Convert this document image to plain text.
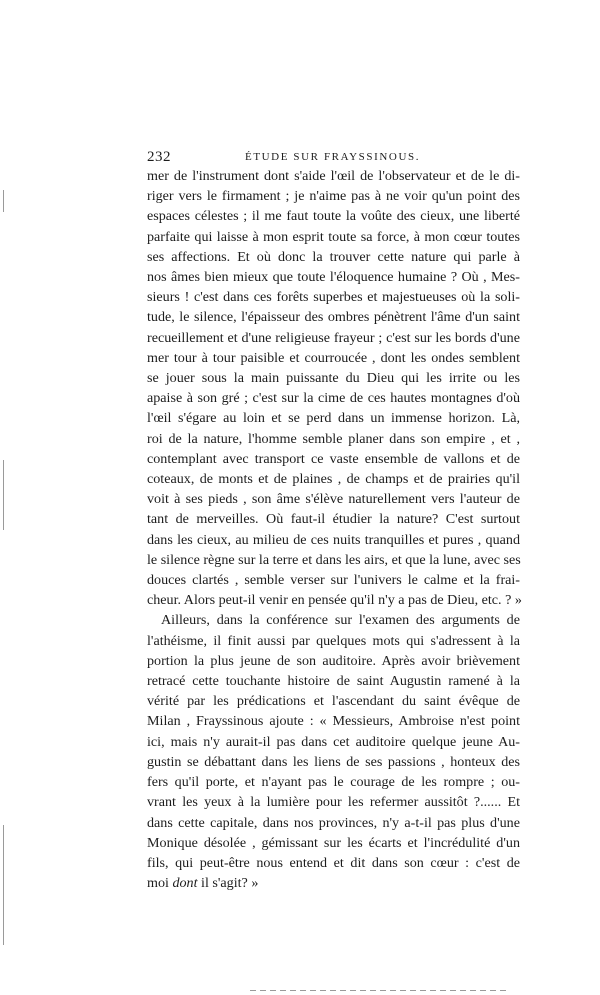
232	ÉTUDE SUR FRAYSSINOUS.
mer de l'instrument dont s'aide l'œil de l'observateur et de le di-
riger vers le firmament ; je n'aime pas à ne voir qu'un point des
espaces célestes ; il me faut toute la voûte des cieux, une liberté
parfaite qui laisse à mon esprit toute sa force, à mon cœur toutes
ses affections. Et où donc la trouver cette nature qui parle à
nos âmes bien mieux que toute l'éloquence humaine ? Où , Mes-
sieurs ! c'est dans ces forêts superbes et majestueuses où la soli-
tude, le silence, l'épaisseur des ombres pénètrent l'âme d'un saint
recueillement et d'une religieuse frayeur ; c'est sur les bords d'une
mer tour à tour paisible et courroucée , dont les ondes semblent
se jouer sous la main puissante du Dieu qui les irrite ou les
apaise à son gré ; c'est sur la cime de ces hautes montagnes d'où
l'œil s'égare au loin et se perd dans un immense horizon. Là,
roi de la nature, l'homme semble planer dans son empire , et ,
contemplant avec transport ce vaste ensemble de vallons et de
coteaux, de monts et de plaines , de champs et de prairies qu'il
voit à ses pieds , son âme s'élève naturellement vers l'auteur de
tant de merveilles. Où faut-il étudier la nature? C'est surtout
dans les cieux, au milieu de ces nuits tranquilles et pures , quand
le silence règne sur la terre et dans les airs, et que la lune, avec ses
douces clartés , semble verser sur l'univers le calme et la frai-
cheur. Alors peut-il venir en pensée qu'il n'y a pas de Dieu, etc. ? »
Ailleurs, dans la conférence sur l'examen des arguments de
l'athéisme, il finit aussi par quelques mots qui s'adressent à la
portion la plus jeune de son auditoire. Après avoir brièvement
retracé cette touchante histoire de saint Augustin ramené à la
vérité par les prédications et l'ascendant du saint évêque de
Milan , Frayssinous ajoute : « Messieurs, Ambroise n'est point
ici, mais n'y aurait-il pas dans cet auditoire quelque jeune Au-
gustin se débattant dans les liens de ses passions , honteux des
fers qu'il porte, et n'ayant pas le courage de les rompre ; ou-
vrant les yeux à la lumière pour les refermer aussitôt ?...... Et
dans cette capitale, dans nos provinces, n'y a-t-il pas plus d'une
Monique désolée , gémissant sur les écarts et l'incrédulité d'un
fils, qui peut-être nous entend et dit dans son cœur : c'est de
moi dont il s'agit? »
